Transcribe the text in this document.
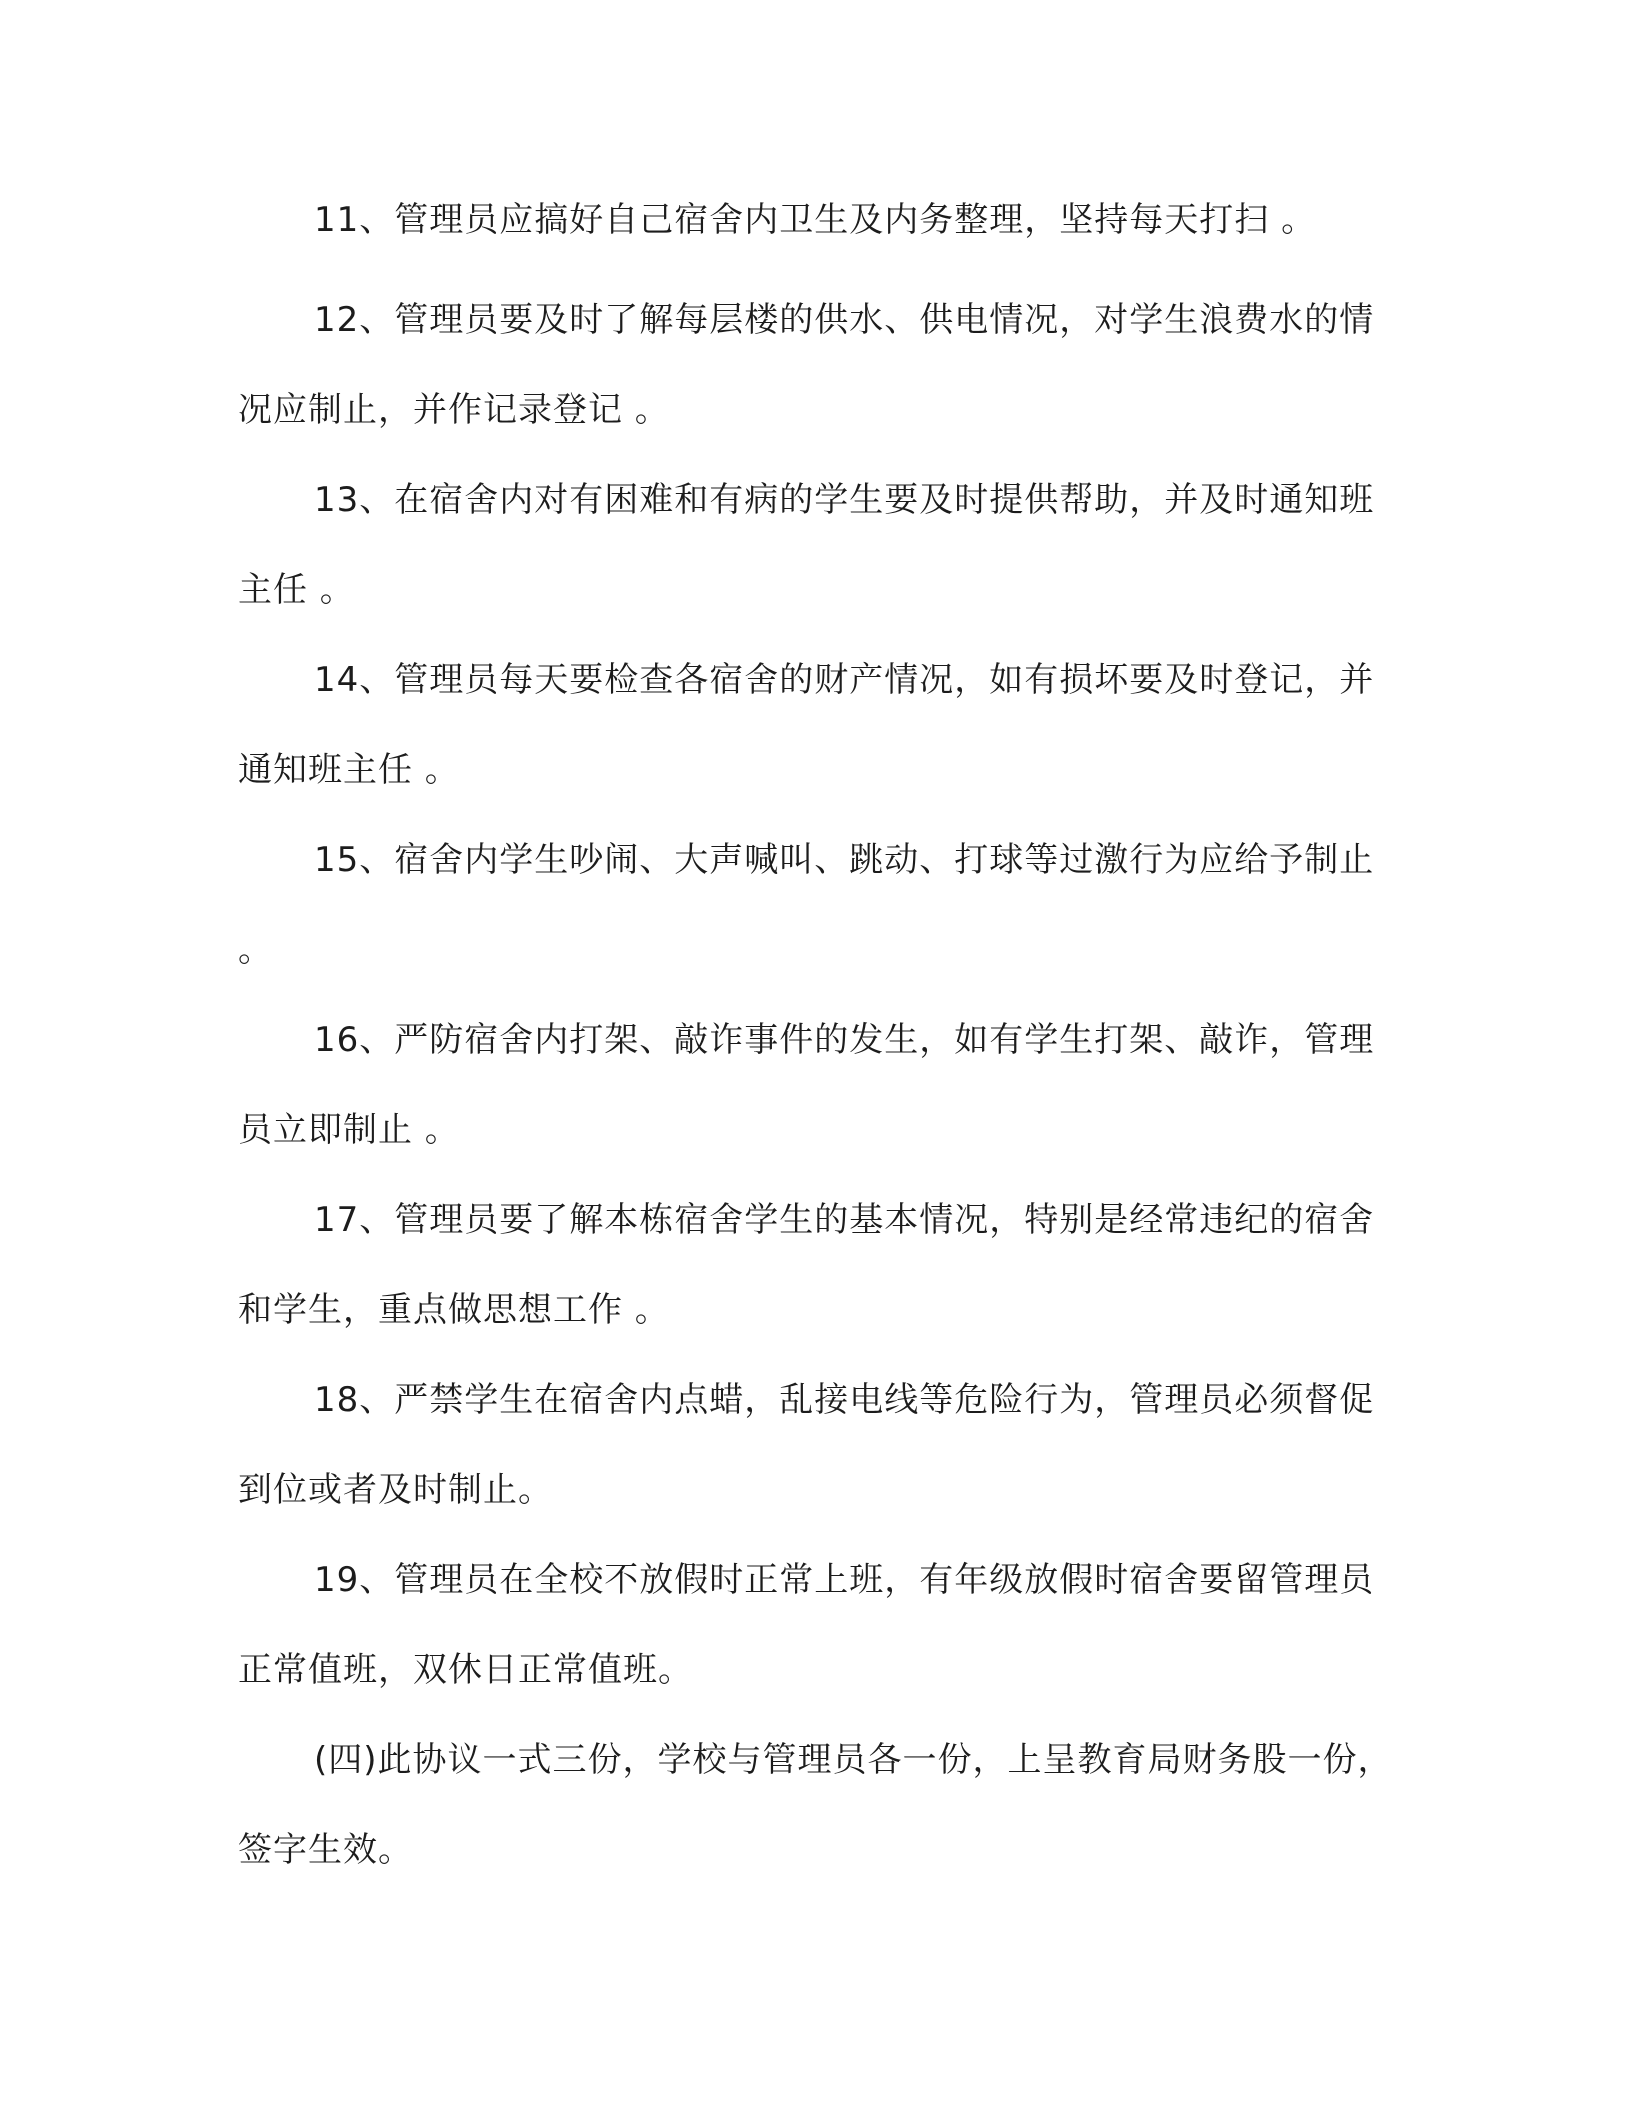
11、管理员应搞好自己宿舍内卫生及内务整理，坚持每天打扫 。

12、管理员要及时了解每层楼的供水、供电情况，对学生浪费水的情况应制止，并作记录登记 。

13、在宿舍内对有困难和有病的学生要及时提供帮助，并及时通知班主任 。

14、管理员每天要检查各宿舍的财产情况，如有损坏要及时登记，并通知班主任 。

15、宿舍内学生吵闹、大声喊叫、跳动、打球等过激行为应给予制止 。

16、严防宿舍内打架、敲诈事件的发生，如有学生打架、敲诈，管理员立即制止 。

17、管理员要了解本栋宿舍学生的基本情况，特别是经常违纪的宿舍和学生，重点做思想工作 。

18、严禁学生在宿舍内点蜡，乱接电线等危险行为，管理员必须督促到位或者及时制止。

19、管理员在全校不放假时正常上班，有年级放假时宿舍要留管理员正常值班，双休日正常值班。

(四)此协议一式三份，学校与管理员各一份，上呈教育局财务股一份，签字生效。
